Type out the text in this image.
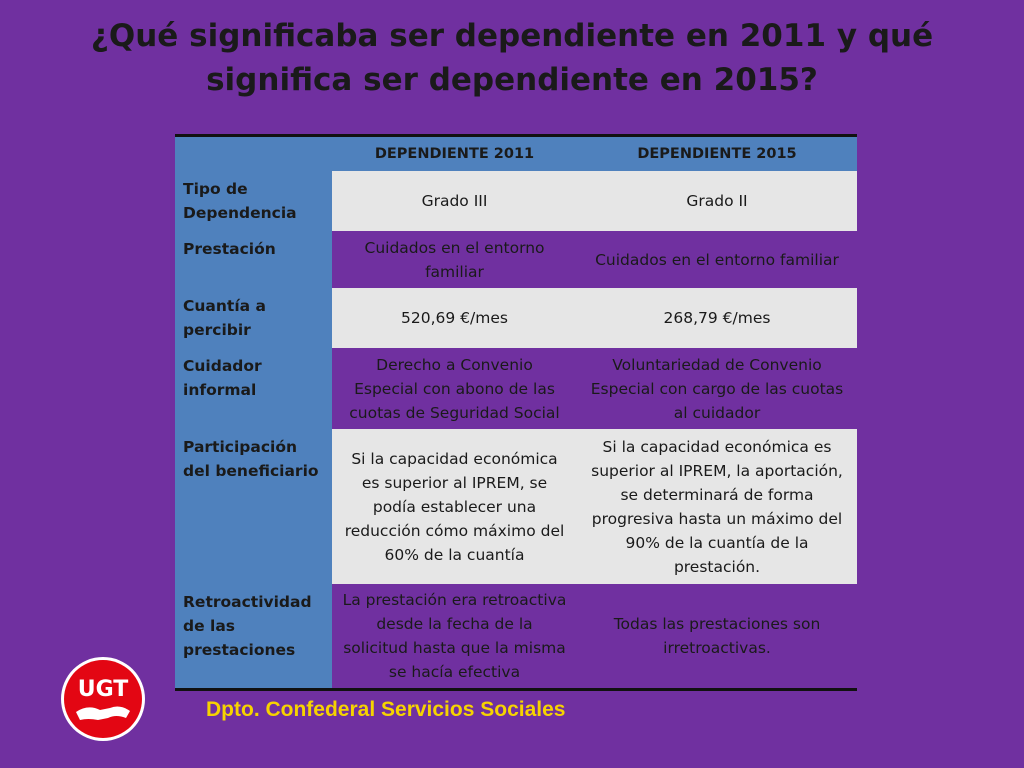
¿Qué significaba ser dependiente en 2011 y qué significa ser dependiente en 2015?
	DEPENDIENTE 2011	DEPENDIENTE 2015
Tipo de Dependencia	Grado III	Grado II
Prestación	Cuidados en el entorno familiar	Cuidados en el entorno familiar
Cuantía a percibir	520,69 €/mes	268,79 €/mes
Cuidador informal	Derecho a Convenio Especial con abono de las cuotas de Seguridad Social	Voluntariedad de Convenio Especial con cargo de las cuotas al cuidador
Participación del beneficiario	Si la capacidad económica es superior al IPREM, se podía establecer una reducción cómo máximo del 60% de la cuantía	Si la capacidad económica es superior al IPREM, la aportación, se determinará de forma progresiva hasta un máximo del 90% de la cuantía de la prestación.
Retroactividad de las prestaciones	La prestación era retroactiva desde la fecha de la solicitud hasta que la misma se hacía efectiva	Todas las prestaciones son irretroactivas.
UGT
Dpto. Confederal Servicios Sociales
